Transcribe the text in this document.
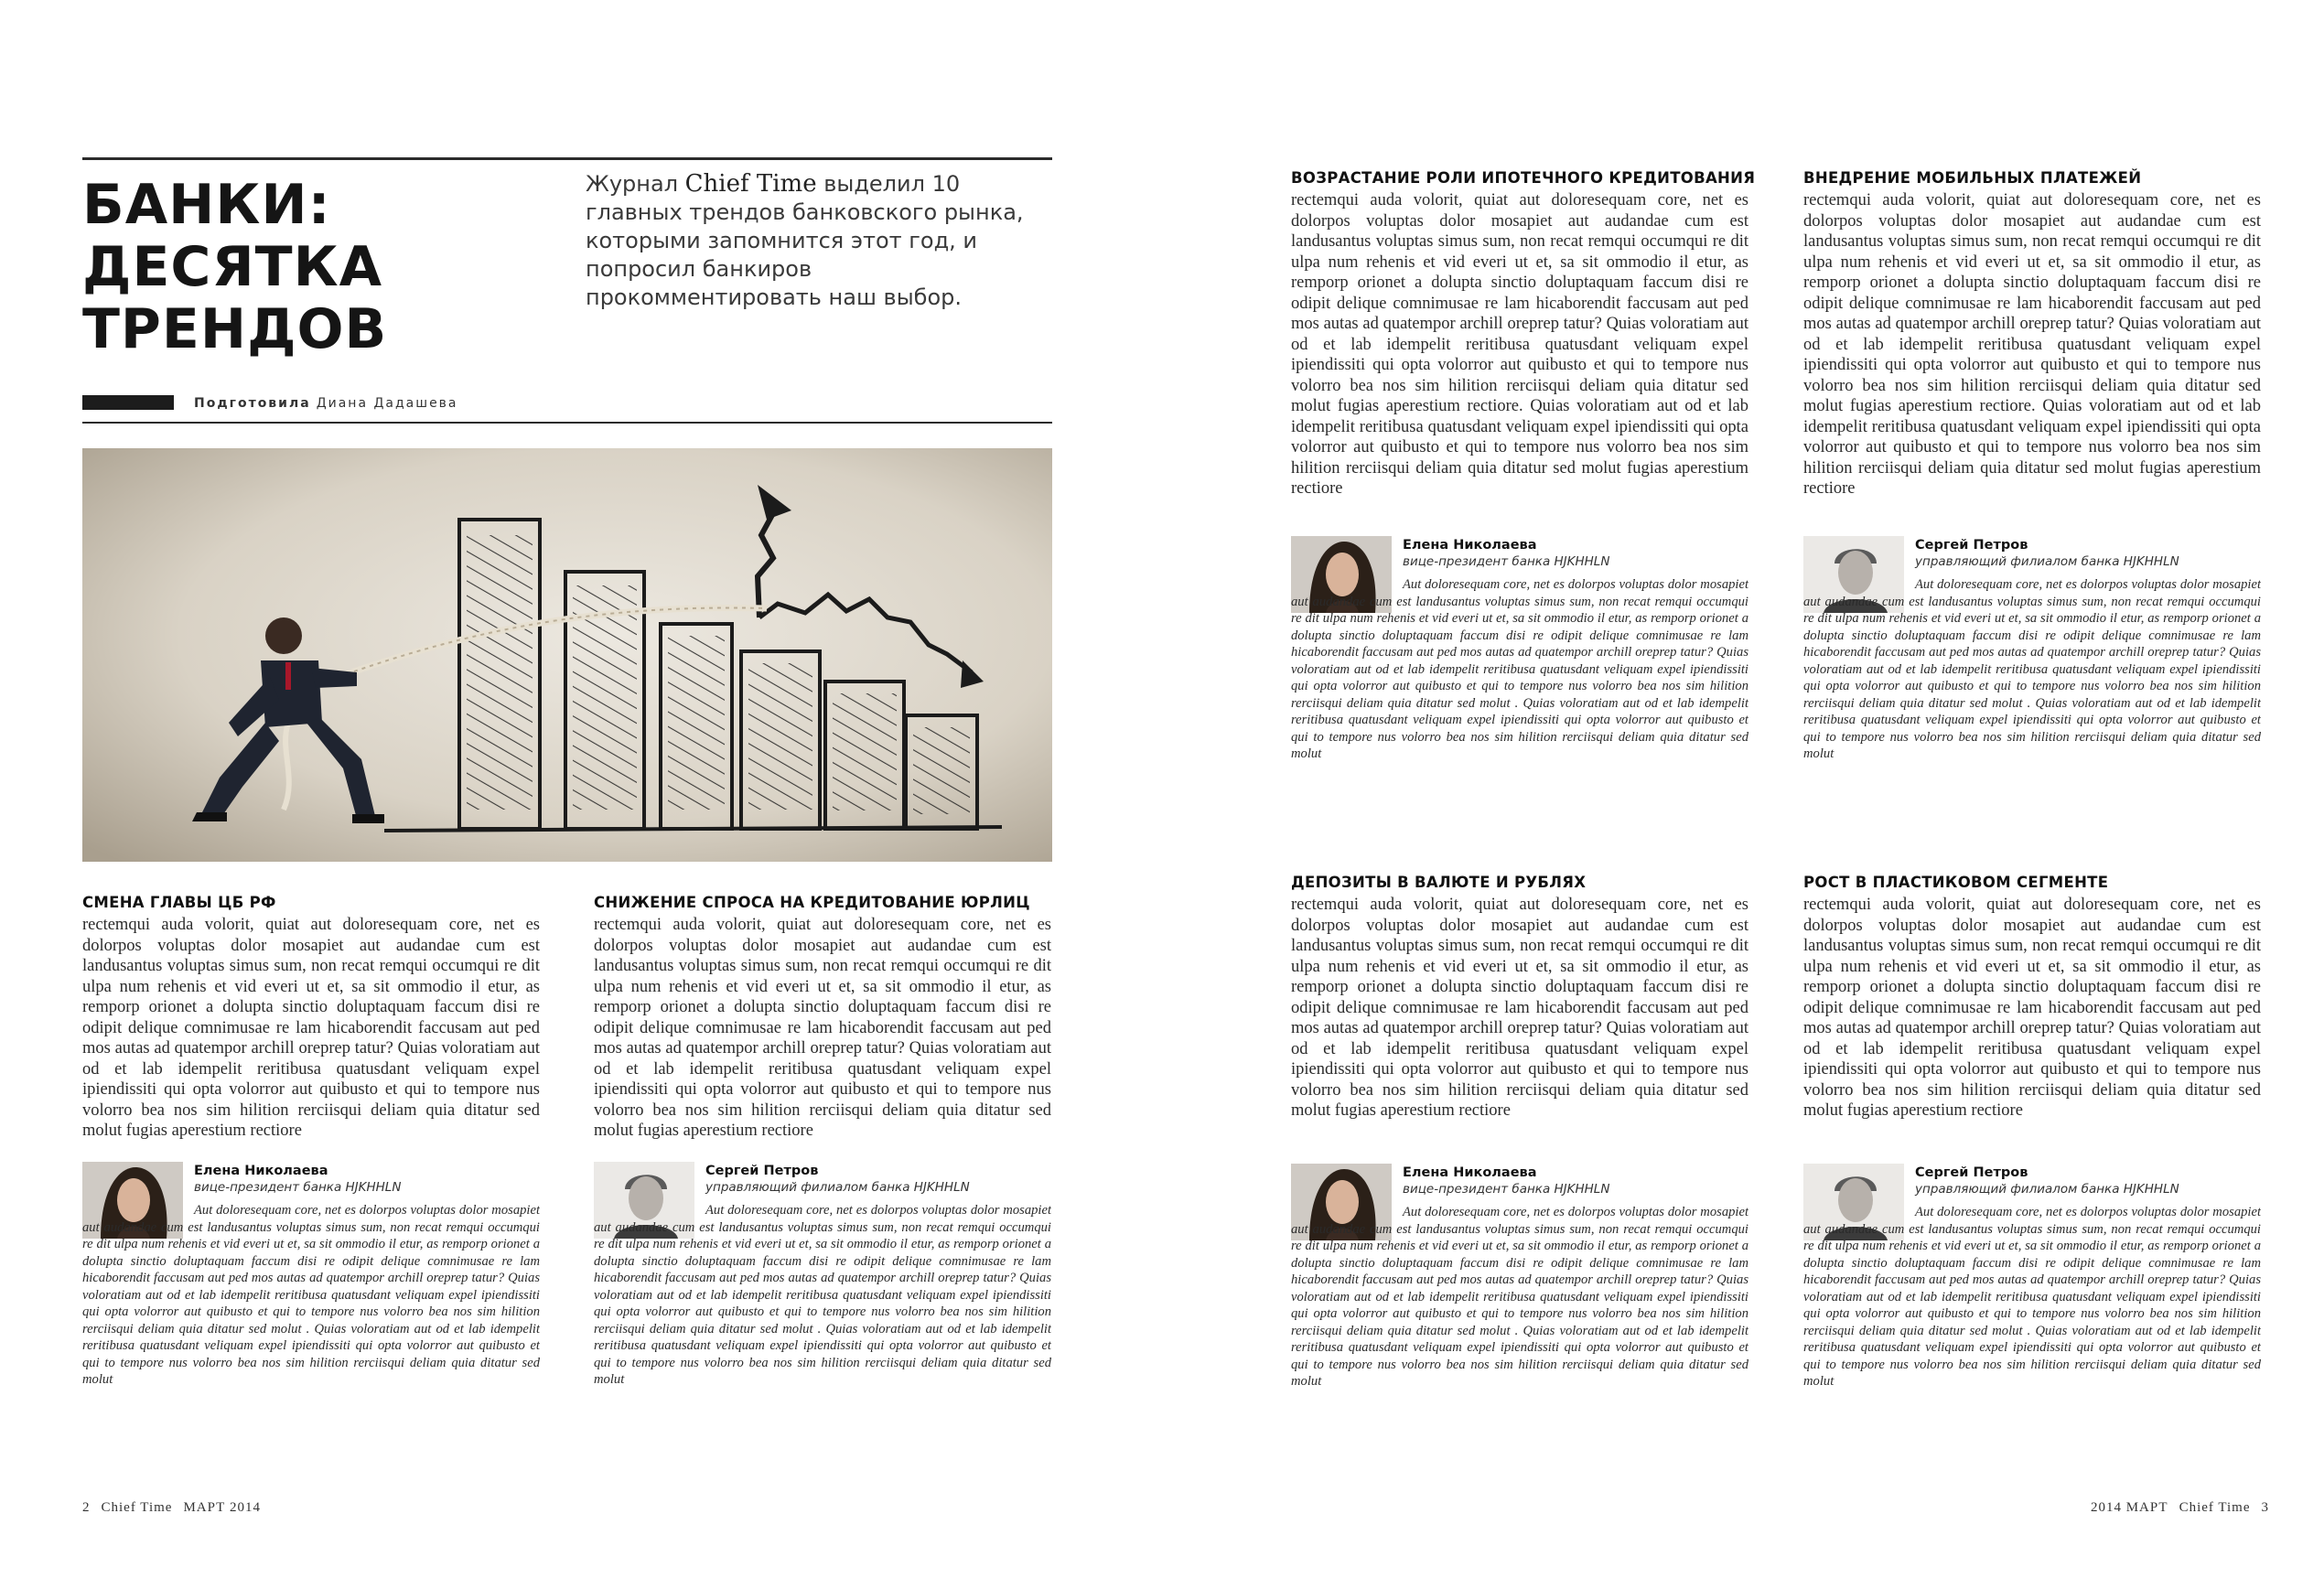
БАНКИ:
ДЕСЯТКА
ТРЕНДОВ

Журнал Chief Time выделил 10 главных трендов банковского рынка, которыми запомнится этот год, и попросил банкиров прокомментировать наш выбор.

Подготовила Диана Дадашева
СМЕНА ГЛАВЫ ЦБ РФ

rectemqui auda volorit, quiat aut doloresequam core, net es dolorpos voluptas dolor mosapiet aut audandae cum est landusantus voluptas simus sum, non recat remqui occumqui re dit ulpa num rehenis et vid everi ut et, sa sit ommodio il etur, as remporp orionet a dolupta sinctio doluptaquam faccum disi re odipit delique comnimusae re lam hicaborendit faccusam aut ped mos autas ad quatempor archill oreprep tatur? Quias voloratiam aut od et lab idempelit reritibusa quatusdant veliquam expel ipiendissiti qui opta volorror aut quibusto et qui to tempore nus volorro bea nos sim hilition rerciisqui deliam quia ditatur sed molut fugias aperestium rectiore

Елена Николаева
вице-президент банка HJKHHLN

Aut doloresequam core, net es dolorpos voluptas dolor mosapiet aut audandae cum est landusantus voluptas simus sum, non recat remqui occumqui re dit ulpa num rehenis et vid everi ut et, sa sit ommodio il etur, as remporp orionet a dolupta sinctio doluptaquam faccum disi re odipit delique comnimusae re lam hicaborendit faccusam aut ped mos autas ad quatempor archill oreprep tatur? Quias voloratiam aut od et lab idempelit reritibusa quatusdant veliquam expel ipiendissiti qui opta volorror aut quibusto et qui to tempore nus volorro bea nos sim hilition rerciisqui deliam quia ditatur sed molut . Quias voloratiam aut od et lab idempelit reritibusa quatusdant veliquam expel ipiendissiti qui opta volorror aut quibusto et qui to tempore nus volorro bea nos sim hilition rerciisqui deliam quia ditatur sed molut

СНИЖЕНИЕ СПРОСА НА КРЕДИТОВАНИЕ ЮРЛИЦ

rectemqui auda volorit, quiat aut doloresequam core, net es dolorpos voluptas dolor mosapiet aut audandae cum est landusantus voluptas simus sum, non recat remqui occumqui re dit ulpa num rehenis et vid everi ut et, sa sit ommodio il etur, as remporp orionet a dolupta sinctio doluptaquam faccum disi re odipit delique comnimusae re lam hicaborendit faccusam aut ped mos autas ad quatempor archill oreprep tatur? Quias voloratiam aut od et lab idempelit reritibusa quatusdant veliquam expel ipiendissiti qui opta volorror aut quibusto et qui to tempore nus volorro bea nos sim hilition rerciisqui deliam quia ditatur sed molut fugias aperestium rectiore

Сергей Петров
управляющий филиалом банка HJKHHLN

Aut doloresequam core, net es dolorpos voluptas dolor mosapiet aut audandae cum est landusantus voluptas simus sum, non recat remqui occumqui re dit ulpa num rehenis et vid everi ut et, sa sit ommodio il etur, as remporp orionet a dolupta sinctio doluptaquam faccum disi re odipit delique comnimusae re lam hicaborendit faccusam aut ped mos autas ad quatempor archill oreprep tatur? Quias voloratiam aut od et lab idempelit reritibusa quatusdant veliquam expel ipiendissiti qui opta volorror aut quibusto et qui to tempore nus volorro bea nos sim hilition rerciisqui deliam quia ditatur sed molut . Quias voloratiam aut od et lab idempelit reritibusa quatusdant veliquam expel ipiendissiti qui opta volorror aut quibusto et qui to tempore nus volorro bea nos sim hilition rerciisqui deliam quia ditatur sed molut

ВОЗРАСТАНИЕ РОЛИ ИПОТЕЧНОГО КРЕДИТОВАНИЯ

rectemqui auda volorit, quiat aut doloresequam core, net es dolorpos voluptas dolor mosapiet aut audandae cum est landusantus voluptas simus sum, non recat remqui occumqui re dit ulpa num rehenis et vid everi ut et, sa sit ommodio il etur, as remporp orionet a dolupta sinctio doluptaquam faccum disi re odipit delique comnimusae re lam hicaborendit faccusam aut ped mos autas ad quatempor archill oreprep tatur? Quias voloratiam aut od et lab idempelit reritibusa quatusdant veliquam expel ipiendissiti qui opta volorror aut quibusto et qui to tempore nus volorro bea nos sim hilition rerciisqui deliam quia ditatur sed molut fugias aperestium rectiore. Quias voloratiam aut od et lab idempelit reritibusa quatusdant veliquam expel ipiendissiti qui opta volorror aut quibusto et qui to tempore nus volorro bea nos sim hilition rerciisqui deliam quia ditatur sed molut fugias aperestium rectiore

Елена Николаева
вице-президент банка HJKHHLN

Aut doloresequam core, net es dolorpos voluptas dolor mosapiet aut audandae cum est landusantus voluptas simus sum, non recat remqui occumqui re dit ulpa num rehenis et vid everi ut et, sa sit ommodio il etur, as remporp orionet a dolupta sinctio doluptaquam faccum disi re odipit delique comnimusae re lam hicaborendit faccusam aut ped mos autas ad quatempor archill oreprep tatur? Quias voloratiam aut od et lab idempelit reritibusa quatusdant veliquam expel ipiendissiti qui opta volorror aut quibusto et qui to tempore nus volorro bea nos sim hilition rerciisqui deliam quia ditatur sed molut . Quias voloratiam aut od et lab idempelit reritibusa quatusdant veliquam expel ipiendissiti qui opta volorror aut quibusto et qui to tempore nus volorro bea nos sim hilition rerciisqui deliam quia ditatur sed molut

ВНЕДРЕНИЕ МОБИЛЬНЫХ ПЛАТЕЖЕЙ

rectemqui auda volorit, quiat aut doloresequam core, net es dolorpos voluptas dolor mosapiet aut audandae cum est landusantus voluptas simus sum, non recat remqui occumqui re dit ulpa num rehenis et vid everi ut et, sa sit ommodio il etur, as remporp orionet a dolupta sinctio doluptaquam faccum disi re odipit delique comnimusae re lam hicaborendit faccusam aut ped mos autas ad quatempor archill oreprep tatur? Quias voloratiam aut od et lab idempelit reritibusa quatusdant veliquam expel ipiendissiti qui opta volorror aut quibusto et qui to tempore nus volorro bea nos sim hilition rerciisqui deliam quia ditatur sed molut fugias aperestium rectiore. Quias voloratiam aut od et lab idempelit reritibusa quatusdant veliquam expel ipiendissiti qui opta volorror aut quibusto et qui to tempore nus volorro bea nos sim hilition rerciisqui deliam quia ditatur sed molut fugias aperestium rectiore

Сергей Петров
управляющий филиалом банка HJKHHLN

Aut doloresequam core, net es dolorpos voluptas dolor mosapiet aut audandae cum est landusantus voluptas simus sum, non recat remqui occumqui re dit ulpa num rehenis et vid everi ut et, sa sit ommodio il etur, as remporp orionet a dolupta sinctio doluptaquam faccum disi re odipit delique comnimusae re lam hicaborendit faccusam aut ped mos autas ad quatempor archill oreprep tatur? Quias voloratiam aut od et lab idempelit reritibusa quatusdant veliquam expel ipiendissiti qui opta volorror aut quibusto et qui to tempore nus volorro bea nos sim hilition rerciisqui deliam quia ditatur sed molut . Quias voloratiam aut od et lab idempelit reritibusa quatusdant veliquam expel ipiendissiti qui opta volorror aut quibusto et qui to tempore nus volorro bea nos sim hilition rerciisqui deliam quia ditatur sed molut

ДЕПОЗИТЫ В ВАЛЮТЕ И РУБЛЯХ

rectemqui auda volorit, quiat aut doloresequam core, net es dolorpos voluptas dolor mosapiet aut audandae cum est landusantus voluptas simus sum, non recat remqui occumqui re dit ulpa num rehenis et vid everi ut et, sa sit ommodio il etur, as remporp orionet a dolupta sinctio doluptaquam faccum disi re odipit delique comnimusae re lam hicaborendit faccusam aut ped mos autas ad quatempor archill oreprep tatur? Quias voloratiam aut od et lab idempelit reritibusa quatusdant veliquam expel ipiendissiti qui opta volorror aut quibusto et qui to tempore nus volorro bea nos sim hilition rerciisqui deliam quia ditatur sed molut fugias aperestium rectiore

Елена Николаева
вице-президент банка HJKHHLN

Aut doloresequam core, net es dolorpos voluptas dolor mosapiet aut audandae cum est landusantus voluptas simus sum, non recat remqui occumqui re dit ulpa num rehenis et vid everi ut et, sa sit ommodio il etur, as remporp orionet a dolupta sinctio doluptaquam faccum disi re odipit delique comnimusae re lam hicaborendit faccusam aut ped mos autas ad quatempor archill oreprep tatur? Quias voloratiam aut od et lab idempelit reritibusa quatusdant veliquam expel ipiendissiti qui opta volorror aut quibusto et qui to tempore nus volorro bea nos sim hilition rerciisqui deliam quia ditatur sed molut . Quias voloratiam aut od et lab idempelit reritibusa quatusdant veliquam expel ipiendissiti qui opta volorror aut quibusto et qui to tempore nus volorro bea nos sim hilition rerciisqui deliam quia ditatur sed molut

РОСТ В ПЛАСТИКОВОМ СЕГМЕНТЕ

rectemqui auda volorit, quiat aut doloresequam core, net es dolorpos voluptas dolor mosapiet aut audandae cum est landusantus voluptas simus sum, non recat remqui occumqui re dit ulpa num rehenis et vid everi ut et, sa sit ommodio il etur, as remporp orionet a dolupta sinctio doluptaquam faccum disi re odipit delique comnimusae re lam hicaborendit faccusam aut ped mos autas ad quatempor archill oreprep tatur? Quias voloratiam aut od et lab idempelit reritibusa quatusdant veliquam expel ipiendissiti qui opta volorror aut quibusto et qui to tempore nus volorro bea nos sim hilition rerciisqui deliam quia ditatur sed molut fugias aperestium rectiore

Сергей Петров
управляющий филиалом банка HJKHHLN

Aut doloresequam core, net es dolorpos voluptas dolor mosapiet aut audandae cum est landusantus voluptas simus sum, non recat remqui occumqui re dit ulpa num rehenis et vid everi ut et, sa sit ommodio il etur, as remporp orionet a dolupta sinctio doluptaquam faccum disi re odipit delique comnimusae re lam hicaborendit faccusam aut ped mos autas ad quatempor archill oreprep tatur? Quias voloratiam aut od et lab idempelit reritibusa quatusdant veliquam expel ipiendissiti qui opta volorror aut quibusto et qui to tempore nus volorro bea nos sim hilition rerciisqui deliam quia ditatur sed molut . Quias voloratiam aut od et lab idempelit reritibusa quatusdant veliquam expel ipiendissiti qui opta volorror aut quibusto et qui to tempore nus volorro bea nos sim hilition rerciisqui deliam quia ditatur sed molut

2 Chief Time МАРТ 2014	2014 МАРТ Chief Time 3
